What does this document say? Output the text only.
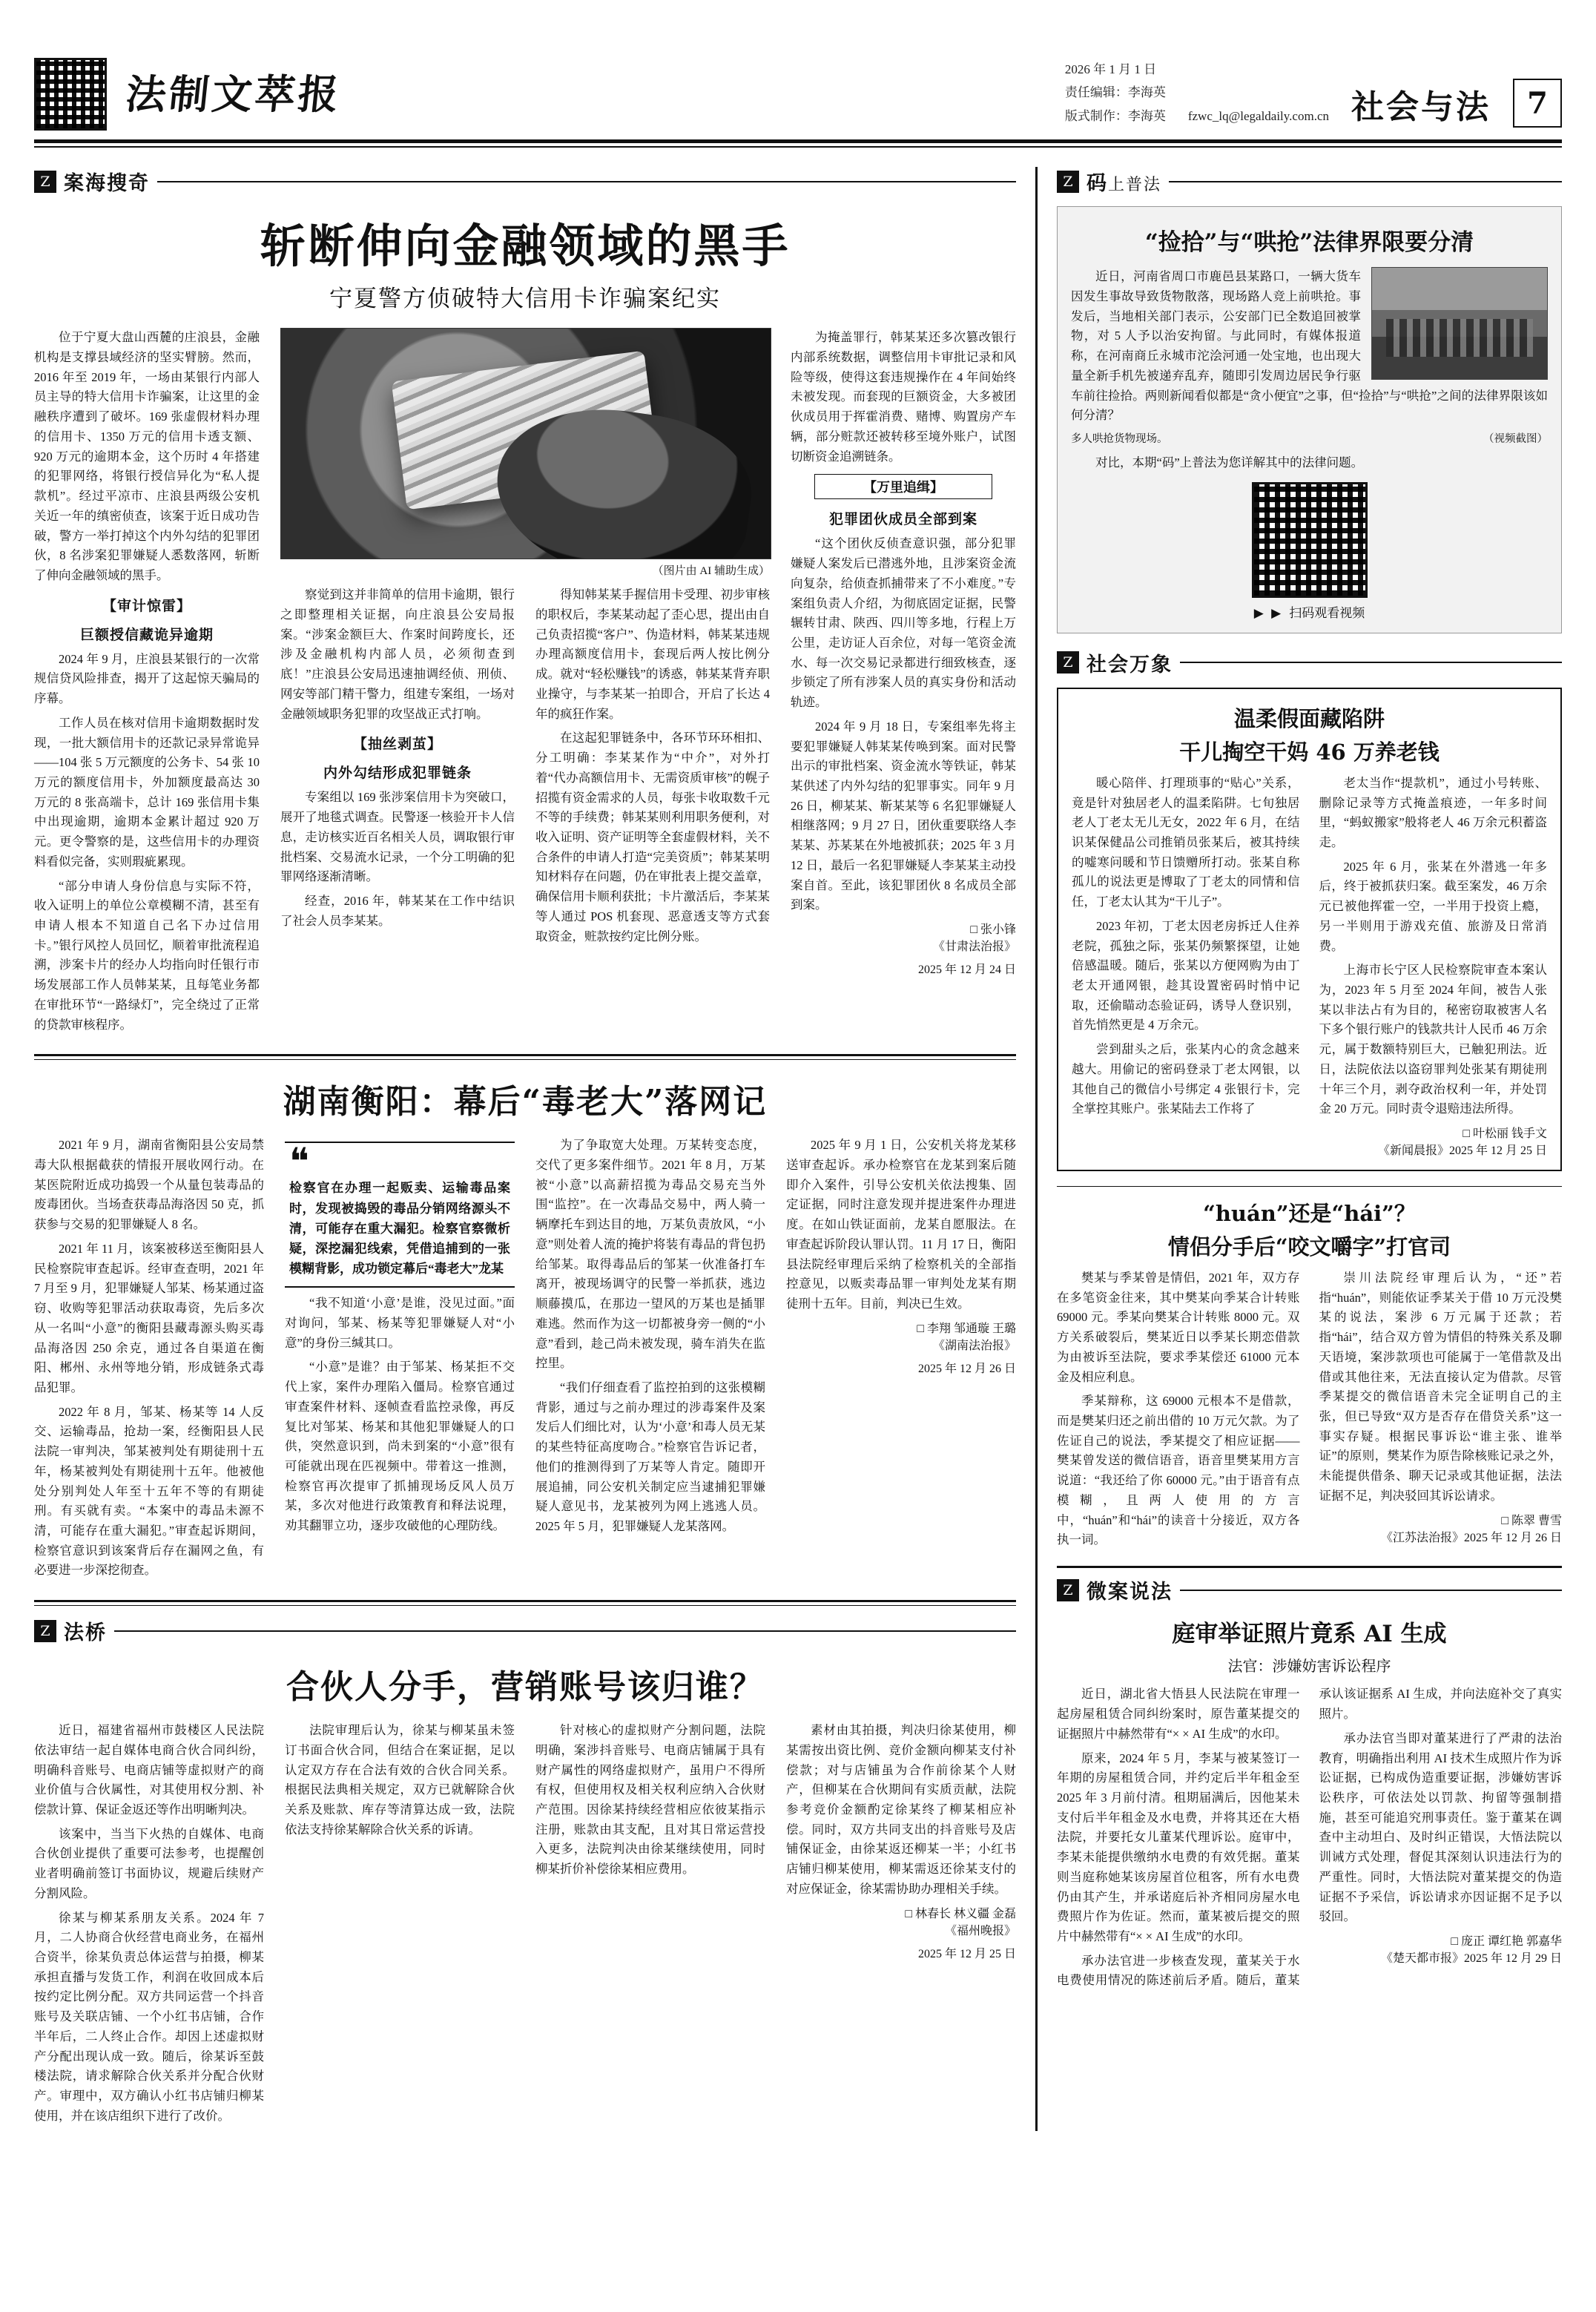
法制文萃报
2026 年 1 月 1 日
责任编辑：李海英
版式制作：李海英 fzwc_lq@legaldaily.com.cn 社会与法	7
Z 案海搜奇
斩断伸向金融领域的黑手
宁夏警方侦破特大信用卡诈骗案纪实

位于宁夏大盘山西麓的庄浪县，金融机构是支撑县域经济的坚实臂膀。然而，2016 年至 2019 年，一场由某银行内部人员主导的特大信用卡诈骗案，让这里的金融秩序遭到了破坏。169 张虚假材料办理的信用卡、1350 万元的信用卡透支额、920 万元的逾期本金，这个历时 4 年搭建的犯罪网络，将银行授信异化为“私人提款机”。经过平凉市、庄浪县两级公安机关近一年的缜密侦查，该案于近日成功告破，警方一举打掉这个内外勾结的犯罪团伙，8 名涉案犯罪嫌疑人悉数落网，斩断了伸向金融领域的黑手。

【审计惊雷】
巨额授信藏诡异逾期

2024 年 9 月，庄浪县某银行的一次常规信贷风险排查，揭开了这起惊天骗局的序幕。

工作人员在核对信用卡逾期数据时发现，一批大额信用卡的还款记录异常诡异——104 张 5 万元额度的公务卡、54 张 10 万元的额度信用卡，外加额度最高达 30 万元的 8 张高端卡，总计 169 张信用卡集中出现逾期，逾期本金累计超过 920 万元。更令警察的是，这些信用卡的办理资料看似完备，实则瑕疵累现。

“部分申请人身份信息与实际不符，收入证明上的单位公章模糊不清，甚至有申请人根本不知道自己名下办过信用卡。”银行风控人员回忆，顺着审批流程追溯，涉案卡片的经办人均指向时任银行市场发展部工作人员韩某某，且每笔业务都在审批环节“一路绿灯”，完全绕过了正常的贷款审核程序。

（图片由 AI 辅助生成）

察觉到这并非简单的信用卡逾期，银行之即整理相关证据，向庄浪县公安局报案。“涉案金额巨大、作案时间跨度长，还涉及金融机构内部人员，必须彻查到底！”庄浪县公安局迅速抽调经侦、刑侦、网安等部门精干警力，组建专案组，一场对金融领域职务犯罪的攻坚战正式打响。

【抽丝剥茧】
内外勾结形成犯罪链条

专案组以 169 张涉案信用卡为突破口，展开了地毯式调查。民警逐一核验开卡人信息，走访核实近百名相关人员，调取银行审批档案、交易流水记录，一个分工明确的犯罪网络逐渐清晰。

经查，2016 年，韩某某在工作中结识了社会人员李某某。

得知韩某某手握信用卡受理、初步审核的职权后，李某某动起了歪心思，提出由自己负责招揽“客户”、伪造材料，韩某某违规办理高额度信用卡，套现后两人按比例分成。就对“轻松赚钱”的诱惑，韩某某背弃职业操守，与李某某一拍即合，开启了长达 4 年的疯狂作案。

在这起犯罪链条中，各环节环环相扣、分工明确：李某某作为“中介”，对外打着“代办高额信用卡、无需资质审核”的幌子招揽有资金需求的人员，每张卡收取数千元不等的手续费；韩某某则利用职务便利，对收入证明、资产证明等全套虚假材料，关不合条件的申请人打造“完美资质”；韩某某明知材料存在问题，仍在审批表上提交盖章，确保信用卡顺利获批；卡片激活后，李某某等人通过 POS 机套现、恶意透支等方式套取资金，赃款按约定比例分账。

为掩盖罪行，韩某某还多次篡改银行内部系统数据，调整信用卡审批记录和风险等级，使得这套违规操作在 4 年间始终未被发现。而套现的巨额资金，大多被团伙成员用于挥霍消费、赌博、购置房产车辆，部分赃款还被转移至境外账户，试图切断资金追溯链条。

【万里追缉】
犯罪团伙成员全部到案

“这个团伙反侦查意识强，部分犯罪嫌疑人案发后已潜逃外地，且涉案资金流向复杂，给侦查抓捕带来了不小难度。”专案组负责人介绍，为彻底固定证据，民警辗转甘肃、陕西、四川等多地，行程上万公里，走访证人百余位，对每一笔资金流水、每一次交易记录都进行细致核查，逐步锁定了所有涉案人员的真实身份和活动轨迹。

2024 年 9 月 18 日，专案组率先将主要犯罪嫌疑人韩某某传唤到案。面对民警出示的审批档案、资金流水等铁证，韩某某供述了内外勾结的犯罪事实。同年 9 月 26 日，柳某某、靳某某等 6 名犯罪嫌疑人相继落网；9 月 27 日，团伙重要联络人李某某、苏某某在外地被抓获；2025 年 3 月 12 日，最后一名犯罪嫌疑人李某某主动投案自首。至此，该犯罪团伙 8 名成员全部到案。

□ 张小锋

《甘肃法治报》

2025 年 12 月 24 日

湖南衡阳：幕后“毒老大”落网记

2021 年 9 月，湖南省衡阳县公安局禁毒大队根据截获的情报开展收网行动。在某医院附近成功捣毁一个从量包装毒品的废毒团伙。当场查获毒品海洛因 50 克，抓获参与交易的犯罪嫌疑人 8 名。

2021 年 11 月，该案被移送至衡阳县人民检察院审查起诉。经审查查明，2021 年 7 月至 9 月，犯罪嫌疑人邹某、杨某通过盗窃、收购等犯罪活动获取毒资，先后多次从一名叫“小意”的衡阳县藏毒源头购买毒品海洛因 250 余克，通过各自渠道在衡阳、郴州、永州等地分销，形成链条式毒品犯罪。

2022 年 8 月，邹某、杨某等 14 人反交、运输毒品，抢劫一案，经衡阳县人民法院一审判决，邹某被判处有期徒刑十五年，杨某被判处有期徒刑十五年。他被他处分别判处人年至十五年不等的有期徒刑。有买就有卖。“本案中的毒品未源不清，可能存在重大漏犯。”审查起诉期间，检察官意识到该案背后存在漏网之鱼，有必要进一步深挖彻查。

❝

检察官在办理一起贩卖、运输毒品案时，发现被捣毁的毒品分销网络源头不清，可能存在重大漏犯。检察官察微析疑，深挖漏犯线索，凭借追捕到的一张模糊背影，成功锁定幕后“毒老大”龙某

“我不知道‘小意’是谁，没见过面。”面对询问，邹某、杨某等犯罪嫌疑人对“小意”的身份三缄其口。

“小意”是谁？由于邹某、杨某拒不交代上家，案件办理陷入僵局。检察官通过审查案件材料、逐帧查看监控录像，再反复比对邹某、杨某和其他犯罪嫌疑人的口供，突然意识到，尚未到案的“小意”很有可能就出现在匹视频中。带着这一推测，检察官再次提审了抓捕现场反风人员万某，多次对他进行政策教育和释法说理，劝其翻罪立功，逐步攻破他的心理防线。

为了争取宽大处理。万某转变态度，交代了更多案件细节。2021 年 8 月，万某被“小意”以高薪招揽为毒品交易充当外围“监控”。在一次毒品交易中，两人骑一辆摩托车到达目的地，万某负责放风，“小意”则处着人流的掩护将装有毒品的背包扔给邹某。取得毒品后的邹某一伙准备打车离开，被现场调守的民警一举抓获，逃边顺藤摸瓜，在那边一望风的万某也是插罪难逃。然而作为这一切都被身旁一侧的“小意”看到，趁己尚未被发现，骑车消失在监控里。

“我们仔细查看了监控拍到的这张模糊背影，通过与之前办理过的涉毒案件及案发后人们细比对，认为‘小意’和毒人员无某的某些特征高度吻合。”检察官告诉记者，他们的推测得到了万某等人肯定。随即开展追捕，同公安机关制定应当逮捕犯罪嫌疑人意见书，龙某被列为网上逃逃人员。2025 年 5 月，犯罪嫌疑人龙某落网。

2025 年 9 月 1 日，公安机关将龙某移送审查起诉。承办检察官在龙某到案后随即介入案件，引导公安机关依法搜集、固定证据，同时注意发现并提进案件办理进度。在如山铁证面前，龙某自愿服法。在审查起诉阶段认罪认罚。11 月 17 日，衡阳县法院经审理后采纳了检察机关的全部指控意见，以贩卖毒品罪一审判处龙某有期徒刑十五年。目前，判决已生效。

□ 李翔 邹通璇 王璐

《湖南法治报》

2025 年 12 月 26 日

Z 法桥
合伙人分手，营销账号该归谁？

近日，福建省福州市鼓楼区人民法院依法审结一起自媒体电商合伙合同纠纷，明确科音账号、电商店铺等虚拟财产的商业价值与合伙属性，对其使用权分割、补偿款计算、保证金返还等作出明晰判决。

该案中，当当下火热的自媒体、电商合伙创业提供了重要可法参考，也提醒创业者明确前签订书面协议，规避后续财产分割风险。

徐某与柳某系朋友关系。2024 年 7 月，二人协商合伙经营电商业务，在福州合资半，徐某负责总体运营与拍摄，柳某承担直播与发货工作，利润在收回成本后按约定比例分配。双方共同运营一个抖音账号及关联店铺、一个小红书店铺，合作半年后，二人终止合作。却因上述虚拟财产分配出现认成一致。随后，徐某诉至鼓楼法院，请求解除合伙关系并分配合伙财产。审理中，双方确认小红书店铺归柳某使用，并在该店组织下进行了改价。

法院审理后认为，徐某与柳某虽未签订书面合伙合同，但结合在案证据，足以认定双方存在合法有效的合伙合同关系。根据民法典相关规定，双方已就解除合伙关系及账款、库存等清算达成一致，法院依法支持徐某解除合伙关系的诉请。

针对核心的虚拟财产分割问题，法院明确，案涉抖音账号、电商店铺属于具有财产属性的网络虚拟财产，虽用户不得所有权，但使用权及相关权利应纳入合伙财产范围。因徐某持续经营相应依彼某指示注册，账款由其支配，且对其日常运营投入更多，法院判决由徐某继续使用，同时柳某折价补偿徐某相应费用。

素材由其拍摄，判决归徐某使用，柳某需按出资比例、竞价金额向柳某支付补偿款；对与店铺虽为合作前徐某个人财产，但柳某在合伙期间有实质贡献，法院参考竞价金额酌定徐某终了柳某相应补偿。同时，双方共同支出的抖音账号及店铺保证金，由徐某返还柳某一半；小红书店铺归柳某使用，柳某需返还徐某支付的对应保证金，徐某需协助办理相关手续。

□ 林春长 林义疆 金磊

《福州晚报》

2025 年 12 月 25 日

Z 码上普法
“捡拾”与“哄抢”法律界限要分清

近日，河南省周口市鹿邑县某路口，一辆大货车因发生事故导致货物散落，现场路人竞上前哄抢。事发后，当地相关部门表示，公安部门已全数追回被掌物，对 5 人予以治安拘留。与此同时，有媒体报道称，在河南商丘永城市沱浍河通一处宝地，也出现大量全新手机先被递弃乱弃，随即引发周边居民争行驱车前往捡拾。两则新闻看似都是“贪小便宜”之事，但“捡拾”与“哄抢”之间的法律界限该如何分清？

多人哄抢货物现场。	（视频截图）

对比，本期“码”上普法为您详解其中的法律问题。

▶ ▶ 扫码观看视频
Z 社会万象
温柔假面藏陷阱
干儿掏空干妈 46 万养老钱

暖心陪伴、打理琐事的“贴心”关系，竟是针对独居老人的温柔陷阱。七旬独居老人丁老太无儿无女，2022 年 6 月，在结识某保健品公司推销员张某后，被其持续的嘘寒问暖和节日馈赠所打动。张某自称孤儿的说法更是博取了丁老太的同情和信任，丁老太认其为“干儿子”。

2023 年初，丁老太因老房拆迁人住养老院，孤独之际，张某仍频繁探望，让她倍感温暖。随后，张某以方便网购为由丁老太开通网银，趁其设置密码时悄中记取，还偷瞄动态验证码，诱导人登识别，首先悄然更是 4 万余元。

尝到甜头之后，张某内心的贪念越来越大。用偷记的密码登录丁老太网银，以其他自己的微信小号绑定 4 张银行卡，完全掌控其账户。张某陆去工作将了

老太当作“提款机”，通过小号转账、删除记录等方式掩盖痕迹，一年多时间里，“蚂蚁搬家”般将老人 46 万余元积蓄盗走。

2025 年 6 月，张某在外潜逃一年多后，终于被抓获归案。截至案发，46 万余元已被他挥霍一空，一半用于投资上瘾，另一半则用于游戏充值、旅游及日常消费。

上海市长宁区人民检察院审查本案认为，2023 年 5 月至 2024 年间，被告人张某以非法占有为目的，秘密窃取被害人名下多个银行账户的钱款共计人民币 46 万余元，属于数额特别巨大，已触犯刑法。近日，法院依法以盗窃罪判处张某有期徒刑十年三个月，剥夺政治权利一年，并处罚金 20 万元。同时责令退赔违法所得。

□ 叶松丽 钱手文

《新闻晨报》2025 年 12 月 25 日

“huán”还是“hái”？
情侣分手后“咬文嚼字”打官司

樊某与季某曾是情侣，2021 年，双方存在多笔资金往来，其中樊某向季某合计转账 69000 元。季某向樊某合计转账 8000 元。双方关系破裂后，樊某近日以季某长期恋借款为由被诉至法院，要求季某偿还 61000 元本金及相应利息。

季某辩称，这 69000 元根本不是借款，而是樊某归还之前出借的 10 万元欠款。为了佐证自己的说法，季某提交了相应证据——樊某曾发送的微信语音，语音里樊某用方言说道：“我还给了你 60000 元。”由于语音有点模糊，且两人使用的方言中，“huán”和“hái”的读音十分接近，双方各执一词。

崇川法院经审理后认为，“还”若指“huán”，则能依证季某关于借 10 万元没樊某的说法，案涉 6 万元属于还款；若指“hái”，结合双方曾为情侣的特殊关系及聊天语境，案涉款项也可能属于一笔借款及出借或其他往来，无法直接认定为借款。尽管季某提交的微信语音未完全证明自己的主张，但已导致“双方是否存在借贷关系”这一事实存疑。根据民事诉讼“谁主张、谁举证”的原则，樊某作为原告除核账记录之外，未能提供借条、聊天记录或其他证据，法法证据不足，判决驳回其诉讼请求。

□ 陈翠 曹雪

《江苏法治报》2025 年 12 月 26 日

Z 微案说法
庭审举证照片竟系 AI 生成
法官：涉嫌妨害诉讼程序

近日，湖北省大悟县人民法院在审理一起房屋租赁合同纠纷案时，原告董某提交的证据照片中赫然带有“× × AI 生成”的水印。

原来，2024 年 5 月，李某与被某签订一年期的房屋租赁合同，并约定后半年租金至 2025 年 3 月前付清。租期届满后，因他某未支付后半年租金及水电费，并将其还在大梧法院，并要托女儿董某代理诉讼。庭审中，李某未能提供缴纳水电费的有效凭据。董某则当庭称她某该房屋首位租客，所有水电费仍由其产生，并承诺庭后补齐相同房屋水电费照片作为佐证。然而，董某被后提交的照片中赫然带有“× × AI 生成”的水印。

承办法官进一步核查发现，董某关于水电费使用情况的陈述前后矛盾。随后，董某承认该证据系 AI 生成，并向法庭补交了真实照片。

承办法官当即对董某进行了严肃的法治教育，明确指出利用 AI 技术生成照片作为诉讼证据，已构成伪造重要证据，涉嫌妨害诉讼秩序，可依法处以罚款、拘留等强制措施，甚至可能追究刑事责任。鉴于董某在调查中主动坦白、及时纠正错误，大悟法院以训诫方式处理，督促其深刻认识违法行为的严重性。同时，大悟法院对董某提交的伪造证据不予采信，诉讼请求亦因证据不足予以驳回。

□ 庞正 谭红艳 郭嘉华

《楚天都市报》2025 年 12 月 29 日
